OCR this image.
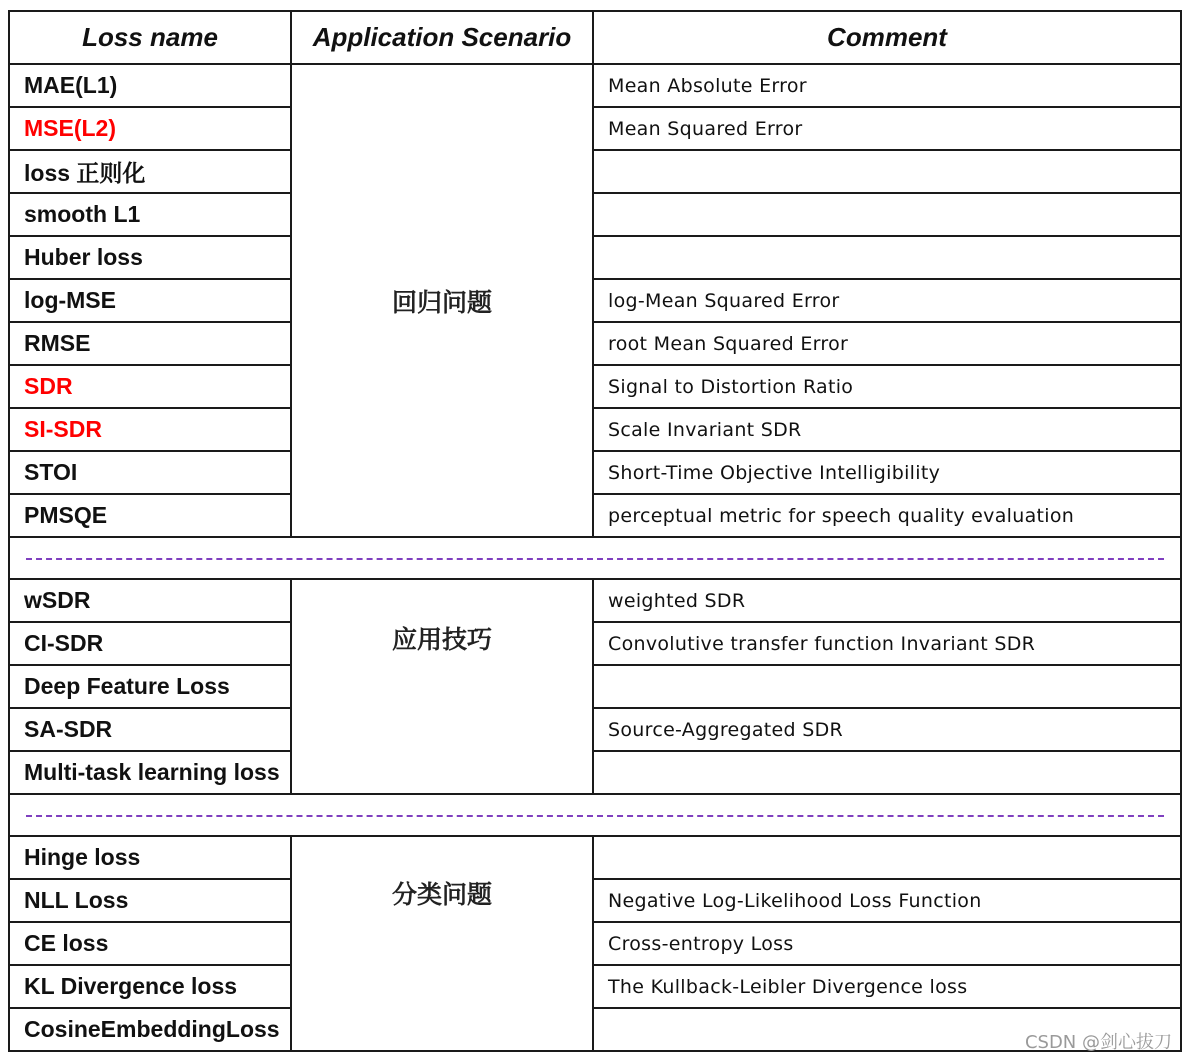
Loss name	Application Scenario	Comment
MAE(L1)	回归问题	Mean Absolute Error
MSE(L2)		Mean Squared Error
loss 正则化		
smooth L1		
Huber loss		
log-MSE		log-Mean Squared Error
RMSE		root Mean Squared Error
SDR		Signal to Distortion Ratio
SI-SDR		Scale Invariant SDR
STOI		Short-Time Objective Intelligibility
PMSQE		perceptual metric for speech quality evaluation

wSDR	应用技巧	weighted SDR
CI-SDR		Convolutive transfer function Invariant SDR
Deep Feature Loss		
SA-SDR		Source-Aggregated SDR
Multi-task learning loss		

Hinge loss	分类问题	
NLL Loss		Negative Log-Likelihood Loss Function
CE loss		Cross-entropy Loss
KL Divergence loss		The Kullback-Leibler Divergence loss
CosineEmbeddingLoss		
CSDN @剑心拔刀
